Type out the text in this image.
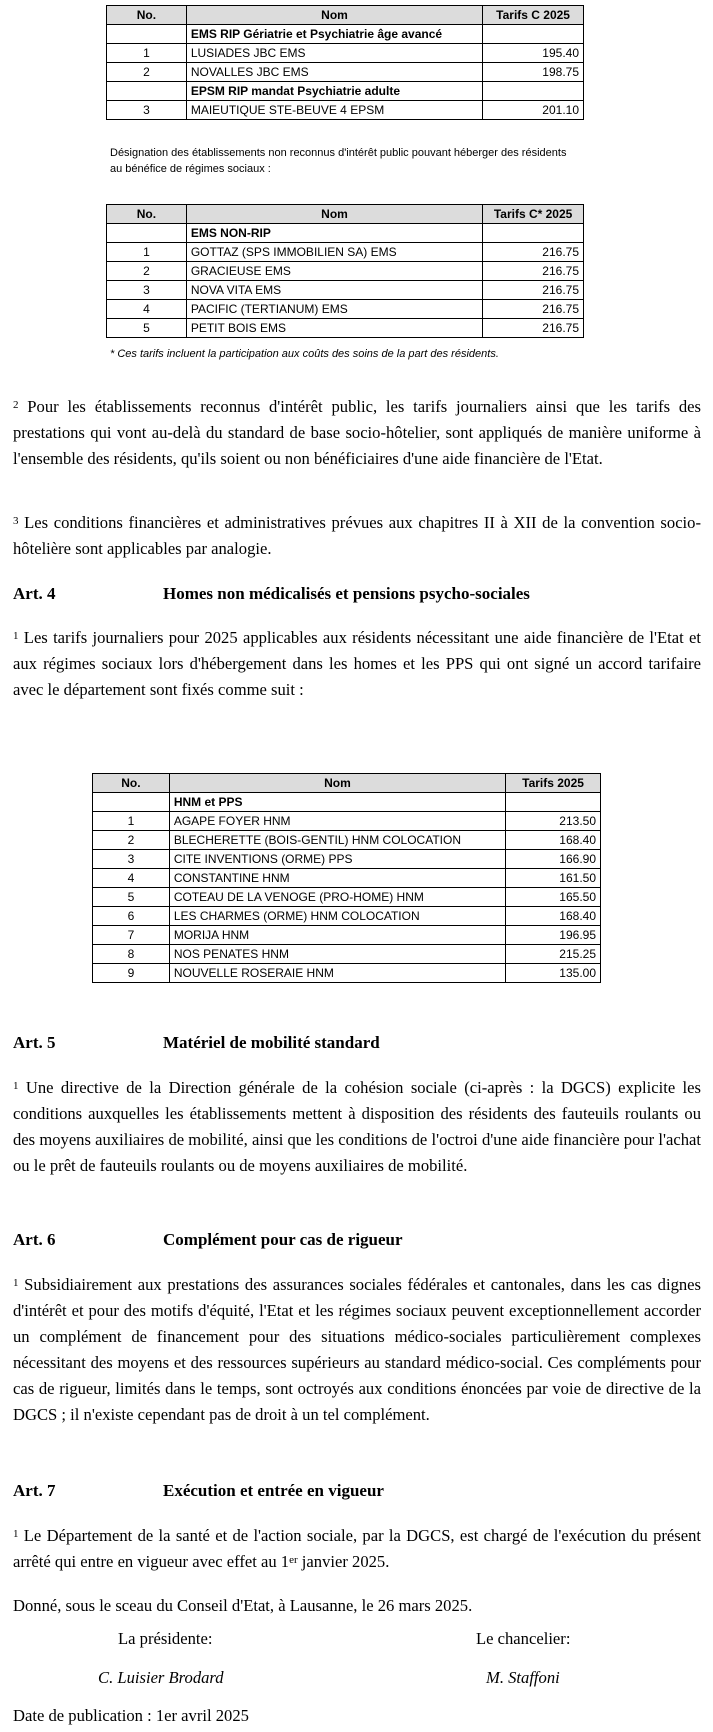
No.	Nom	Tarifs C 2025
	EMS RIP Gériatrie et Psychiatrie âge avancé	
1	LUSIADES JBC EMS	195.40
2	NOVALLES JBC EMS	198.75
	EPSM RIP mandat Psychiatrie adulte	
3	MAIEUTIQUE STE-BEUVE 4 EPSM	201.10
Désignation des établissements non reconnus d'intérêt public pouvant héberger des résidents au bénéfice de régimes sociaux :
No.	Nom	Tarifs C* 2025
	EMS NON-RIP	
1	GOTTAZ (SPS IMMOBILIEN SA) EMS	216.75
2	GRACIEUSE EMS	216.75
3	NOVA VITA EMS	216.75
4	PACIFIC (TERTIANUM) EMS	216.75
5	PETIT BOIS EMS	216.75
* Ces tarifs incluent la participation aux coûts des soins de la part des résidents.
$^2$ Pour les établissements reconnus d'intérêt public, les tarifs journaliers ainsi que les tarifs des prestations qui vont au-delà du standard de base socio-hôtelier, sont appliqués de manière uniforme à l'ensemble des résidents, qu'ils soient ou non bénéficiaires d'une aide financière de l'Etat.
$^3$ Les conditions financières et administratives prévues aux chapitres II à XII de la convention socio- hôtelière sont applicables par analogie.
Art. 4	Homes non médicalisés et pensions psycho-sociales
$^1$ Les tarifs journaliers pour 2025 applicables aux résidents nécessitant une aide financière de l'Etat et aux régimes sociaux lors d'hébergement dans les homes et les PPS qui ont signé un accord tarifaire avec le département sont fixés comme suit :
No.	Nom	Tarifs 2025
	HNM et PPS	
1	AGAPE FOYER HNM	213.50
2	BLECHERETTE (BOIS-GENTIL) HNM COLOCATION	168.40
3	CITE INVENTIONS (ORME) PPS	166.90
4	CONSTANTINE HNM	161.50
5	COTEAU DE LA VENOGE (PRO-HOME) HNM	165.50
6	LES CHARMES (ORME) HNM COLOCATION	168.40
7	MORIJA HNM	196.95
8	NOS PENATES HNM	215.25
9	NOUVELLE ROSERAIE HNM	135.00
Art. 5	Matériel de mobilité standard
$^1$ Une directive de la Direction générale de la cohésion sociale (ci-après : la DGCS) explicite les conditions auxquelles les établissements mettent à disposition des résidents des fauteuils roulants ou des moyens auxiliaires de mobilité, ainsi que les conditions de l'octroi d'une aide financière pour l'achat ou le prêt de fauteuils roulants ou de moyens auxiliaires de mobilité.
Art. 6	Complément pour cas de rigueur
$^1$ Subsidiairement aux prestations des assurances sociales fédérales et cantonales, dans les cas dignes d'intérêt et pour des motifs d'équité, l'Etat et les régimes sociaux peuvent exceptionnellement accorder un complément de financement pour des situations médico-sociales particulièrement complexes nécessitant des moyens et des ressources supérieurs au standard médico-social. Ces compléments pour cas de rigueur, limités dans le temps, sont octroyés aux conditions énoncées par voie de directive de la DGCS ; il n'existe cependant pas de droit à un tel complément.
Art. 7	Exécution et entrée en vigueur
$^1$ Le Département de la santé et de l'action sociale, par la DGCS, est chargé de l'exécution du présent arrêté qui entre en vigueur avec effet au 1er janvier 2025.
Donné, sous le sceau du Conseil d'Etat, à Lausanne, le 26 mars 2025.
La présidente:	Le chancelier:
C. Luisier Brodard	M. Staffoni
Date de publication : 1er avril 2025
